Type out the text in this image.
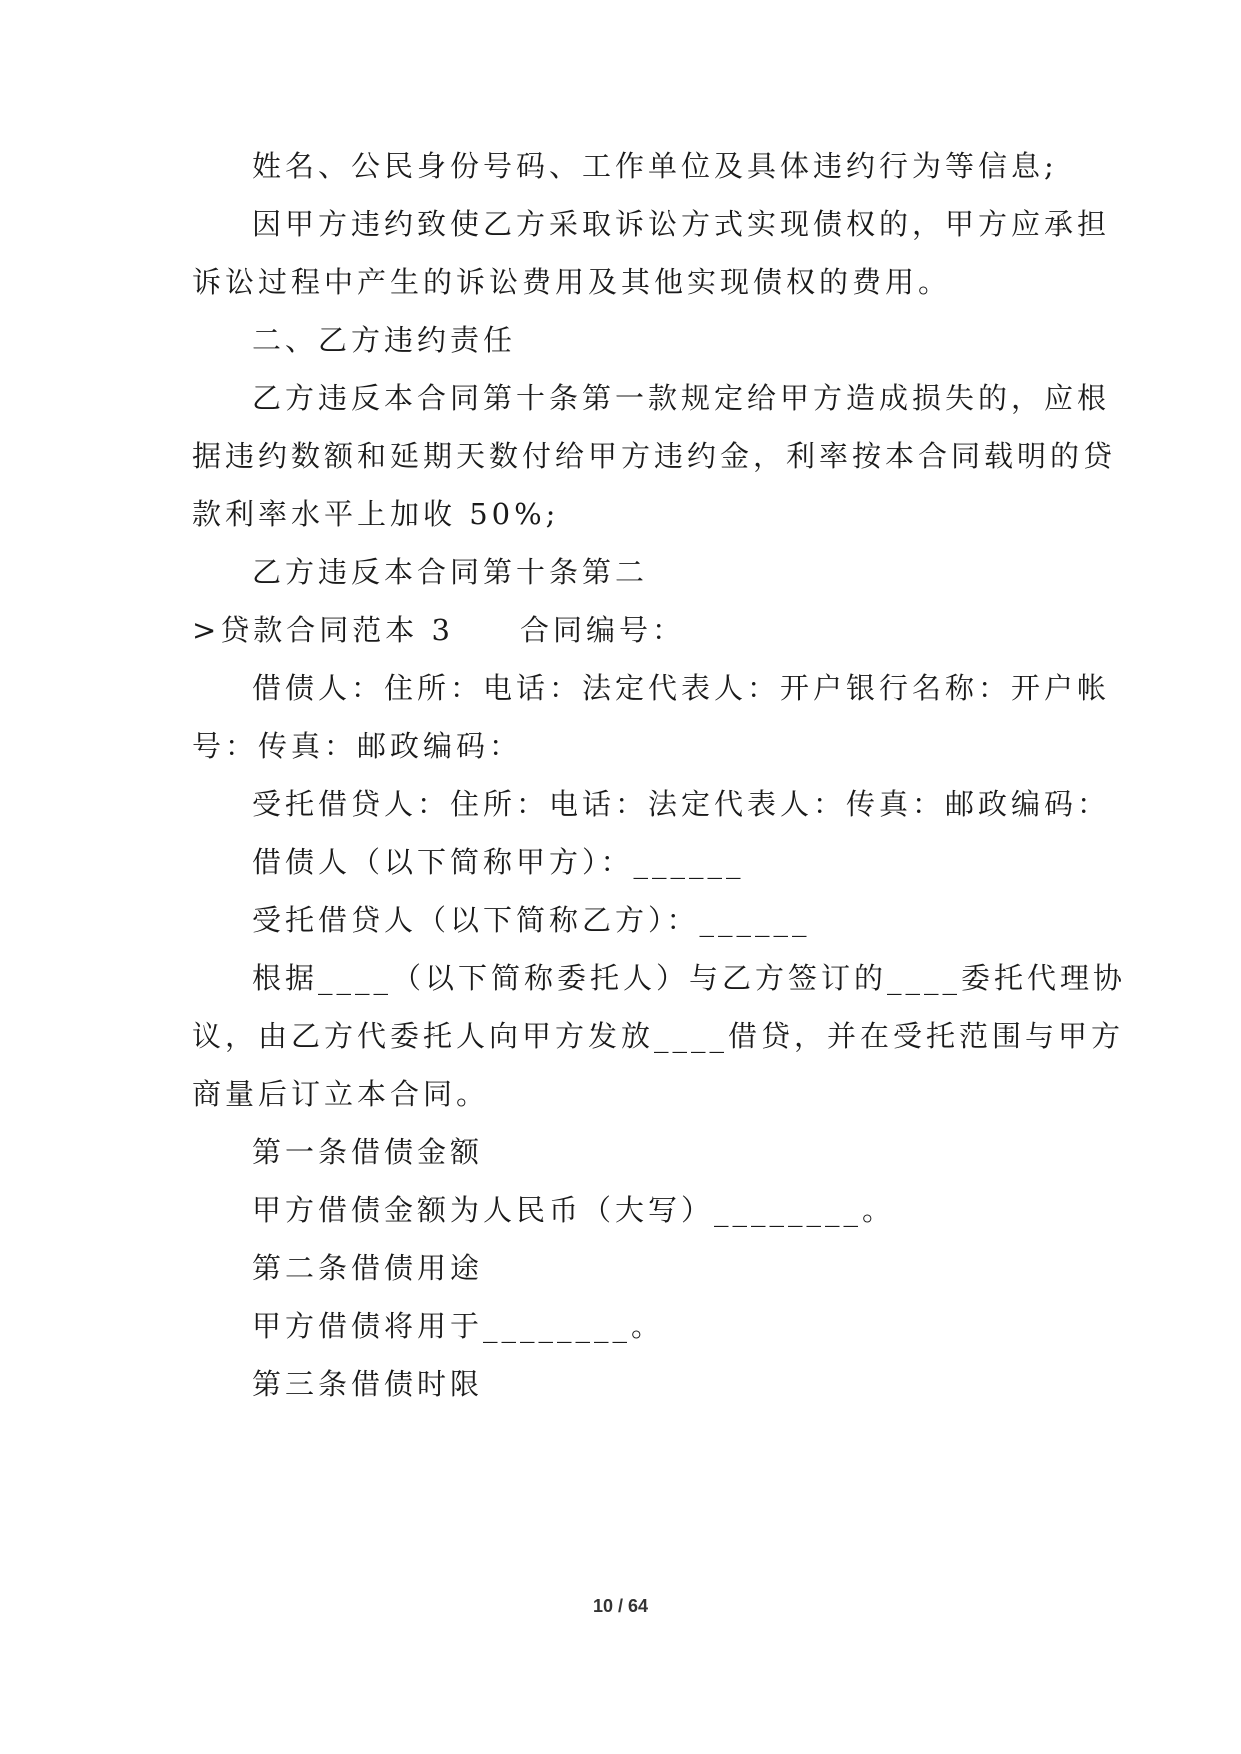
姓名、公民身份号码、工作单位及具体违约行为等信息;
因甲方违约致使乙方采取诉讼方式实现债权的，甲方应承担
诉讼过程中产生的诉讼费用及其他实现债权的费用。
二、乙方违约责任
乙方违反本合同第十条第一款规定给甲方造成损失的，应根
据违约数额和延期天数付给甲方违约金，利率按本合同载明的贷
款利率水平上加收 50%;
乙方违反本合同第十条第二
>贷款合同范本 3　　合同编号：
借债人：住所：电话：法定代表人：开户银行名称：开户帐
号：传真：邮政编码：
受托借贷人：住所：电话：法定代表人：传真：邮政编码：
借债人（以下简称甲方）：______
受托借贷人（以下简称乙方）：______
根据____（以下简称委托人）与乙方签订的____委托代理协
议，由乙方代委托人向甲方发放____借贷，并在受托范围与甲方
商量后订立本合同。
第一条借债金额
甲方借债金额为人民币（大写）________。
第二条借债用途
甲方借债将用于________。
第三条借债时限
10 / 64
